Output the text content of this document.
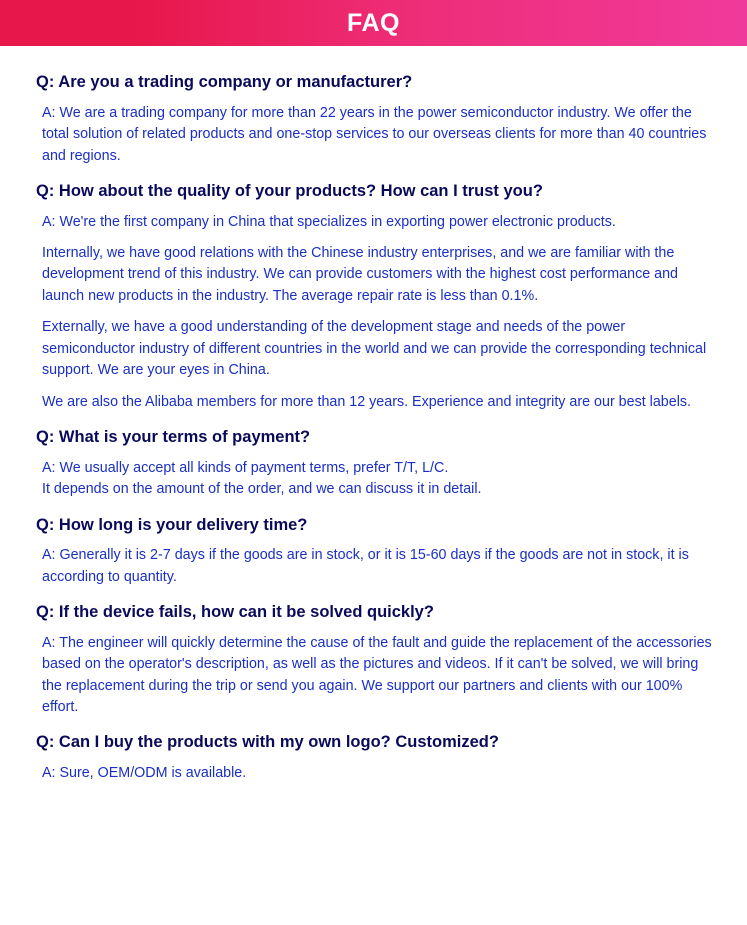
FAQ

Q: Are you a trading company or manufacturer?

A: We are a trading company for more than 22 years in the power semiconductor industry. We offer the total solution of related products and one-stop services to our overseas clients for more than 40 countries and regions.

Q: How about the quality of your products? How can I trust you?

A: We're the first company in China that specializes in exporting power electronic products.

Internally, we have good relations with the Chinese industry enterprises, and we are familiar with the development trend of this industry. We can provide customers with the highest cost performance and launch new products in the industry. The average repair rate is less than 0.1%.

Externally, we have a good understanding of the development stage and needs of the power semiconductor industry of different countries in the world and we can provide the corresponding technical support. We are your eyes in China.

We are also the Alibaba members for more than 12 years. Experience and integrity are our best labels.

Q: What is your terms of payment?

A: We usually accept all kinds of payment terms, prefer T/T, L/C.

It depends on the amount of the order, and we can discuss it in detail.

Q: How long is your delivery time?

A: Generally it is 2-7 days if the goods are in stock, or it is 15-60 days if the goods are not in stock, it is according to quantity.

Q: If the device fails, how can it be solved quickly?

A: The engineer will quickly determine the cause of the fault and guide the replacement of the accessories based on the operator's description, as well as the pictures and videos. If it can't be solved, we will bring the replacement during the trip or send you again. We support our partners and clients with our 100% effort.

Q: Can I buy the products with my own logo? Customized?

A: Sure, OEM/ODM is available.
